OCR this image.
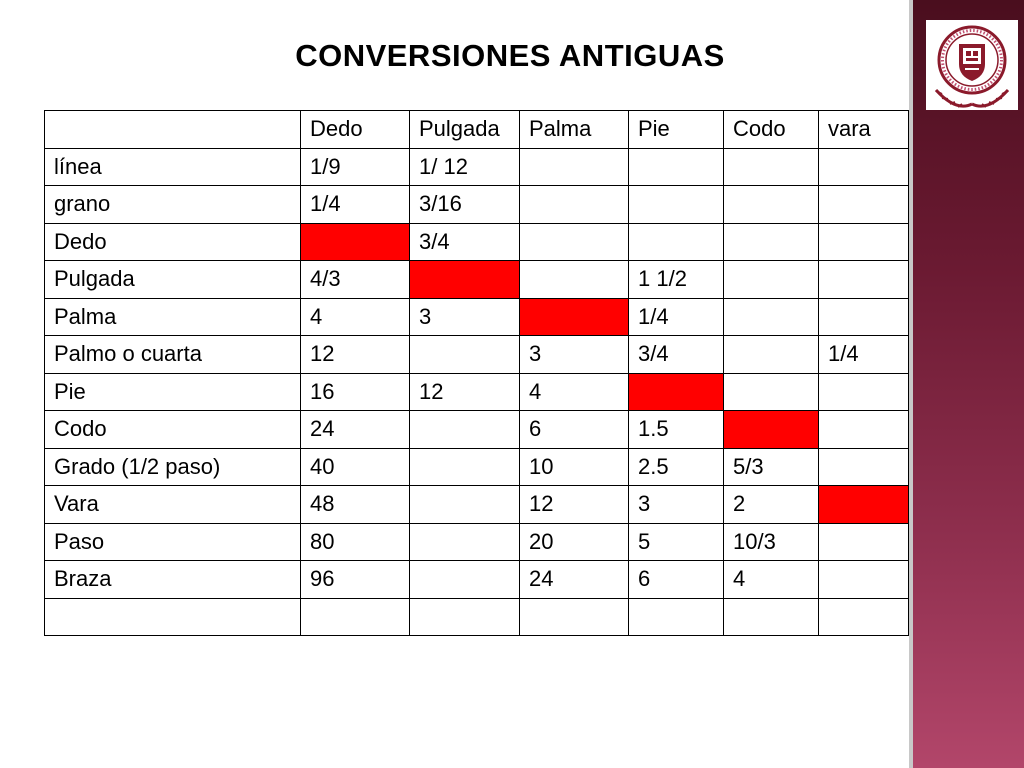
CONVERSIONES ANTIGUAS
	Dedo	Pulgada	Palma	Pie	Codo	vara
línea	1/9	1/ 12				
grano	1/4	3/16				
Dedo		3/4				
Pulgada	4/3			1 1/2		
Palma	4	3		1/4		
Palmo o cuarta	12		3	3/4		1/4
Pie	16	12	4			
Codo	24		6	1.5		
Grado (1/2 paso)	40		10	2.5	5/3	
Vara	48		12	3	2	
Paso	80		20	5	10/3	
Braza	96		24	6	4	
